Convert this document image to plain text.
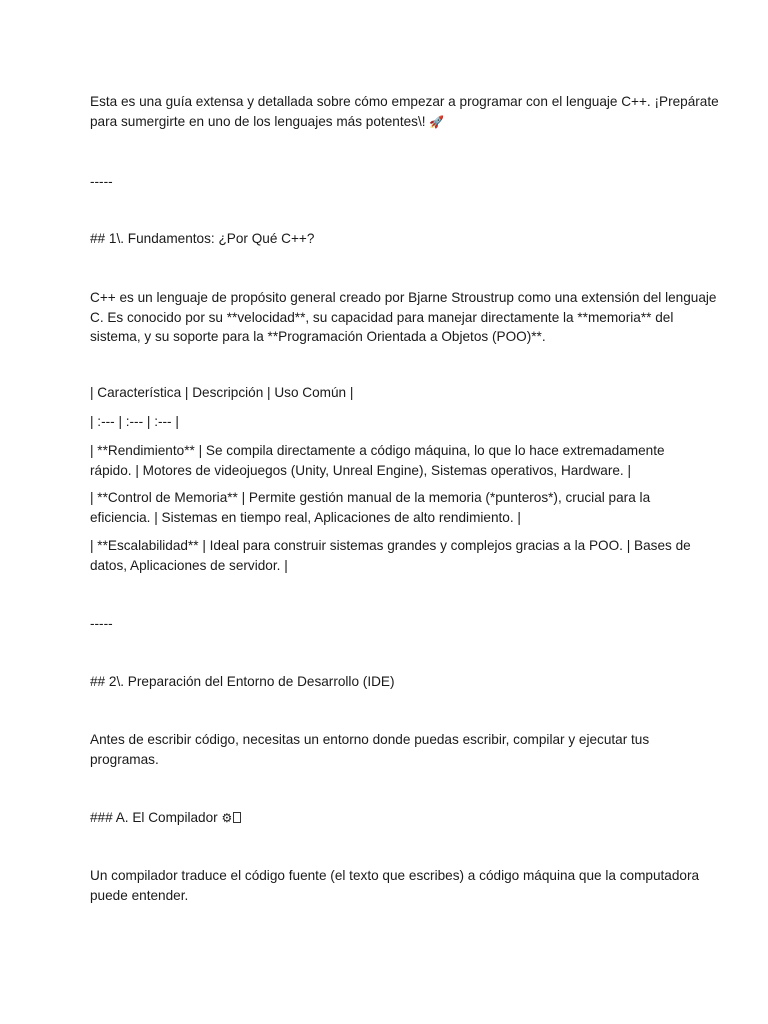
Esta es una guía extensa y detallada sobre cómo empezar a programar con el lenguaje C++. ¡Prepárate
para sumergirte en uno de los lenguajes más potentes\! 🚀
-----
## 1\. Fundamentos: ¿Por Qué C++?
C++ es un lenguaje de propósito general creado por Bjarne Stroustrup como una extensión del lenguaje
C. Es conocido por su **velocidad**, su capacidad para manejar directamente la **memoria** del
sistema, y su soporte para la **Programación Orientada a Objetos (POO)**.
| Característica | Descripción | Uso Común |
| :--- | :--- | :--- |
| **Rendimiento** | Se compila directamente a código máquina, lo que lo hace extremadamente
rápido. | Motores de videojuegos (Unity, Unreal Engine), Sistemas operativos, Hardware. |
| **Control de Memoria** | Permite gestión manual de la memoria (*punteros*), crucial para la
eficiencia. | Sistemas en tiempo real, Aplicaciones de alto rendimiento. |
| **Escalabilidad** | Ideal para construir sistemas grandes y complejos gracias a la POO. | Bases de
datos, Aplicaciones de servidor. |
-----
## 2\. Preparación del Entorno de Desarrollo (IDE)
Antes de escribir código, necesitas un entorno donde puedas escribir, compilar y ejecutar tus
programas.
### A. El Compilador ⚙
Un compilador traduce el código fuente (el texto que escribes) a código máquina que la computadora
puede entender.
